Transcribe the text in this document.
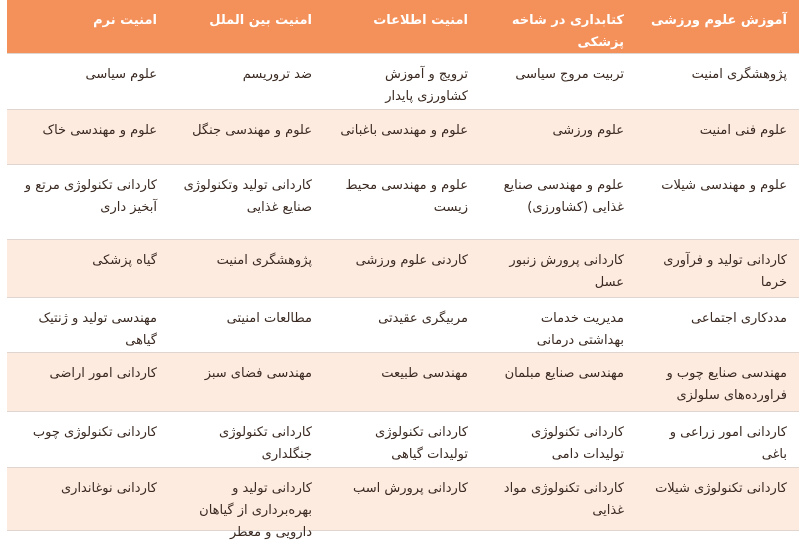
آموزش علوم ورزشی
کتابداری در شاخه پزشکی
امنیت اطلاعات
امنیت بین الملل
امنیت نرم
پژوهشگری امنیت
تربیت مروج سیاسی
ترویج و آموزش کشاورزی پایدار
ضد تروریسم
علوم سیاسی
علوم فنی امنیت
علوم ورزشی
علوم و مهندسی باغبانی
علوم و مهندسی جنگل
علوم و مهندسی خاک
علوم و مهندسی شیلات
علوم و مهندسی صنایع غذایی (کشاورزی)
علوم و مهندسی محیط زیست
کاردانی تولید وتکنولوژی صنایع غذایی
کاردانی تکنولوژی مرتع و آبخیز داری
کاردانی تولید و فرآوری خرما
کاردانی پرورش زنبور عسل
کاردنی علوم ورزشی
پژوهشگری امنیت
گیاه پزشکی
مددکاری اجتماعی
مدیریت خدمات بهداشتی درمانی
مربیگری عقیدتی
مطالعات امنیتی
مهندسی تولید و ژنتیک گیاهی
مهندسی صنایع چوب و فراورده‌های سلولزی
مهندسی صنایع مبلمان
مهندسی طبیعت
مهندسی فضای سبز
کاردانی امور اراضی
کاردانی امور زراعی و باغی
کاردانی تکنولوژی تولیدات دامی
کاردانی تکنولوژی تولیدات گیاهی
کاردانی تکنولوژی جنگلداری
کاردانی تکنولوژی چوب
کاردانی تکنولوژی شیلات
کاردانی تکنولوژی مواد غذایی
کاردانی پرورش اسب
کاردانی تولید و بهره‌برداری از گیاهان دارویی و معطر
کاردانی نوغانداری
